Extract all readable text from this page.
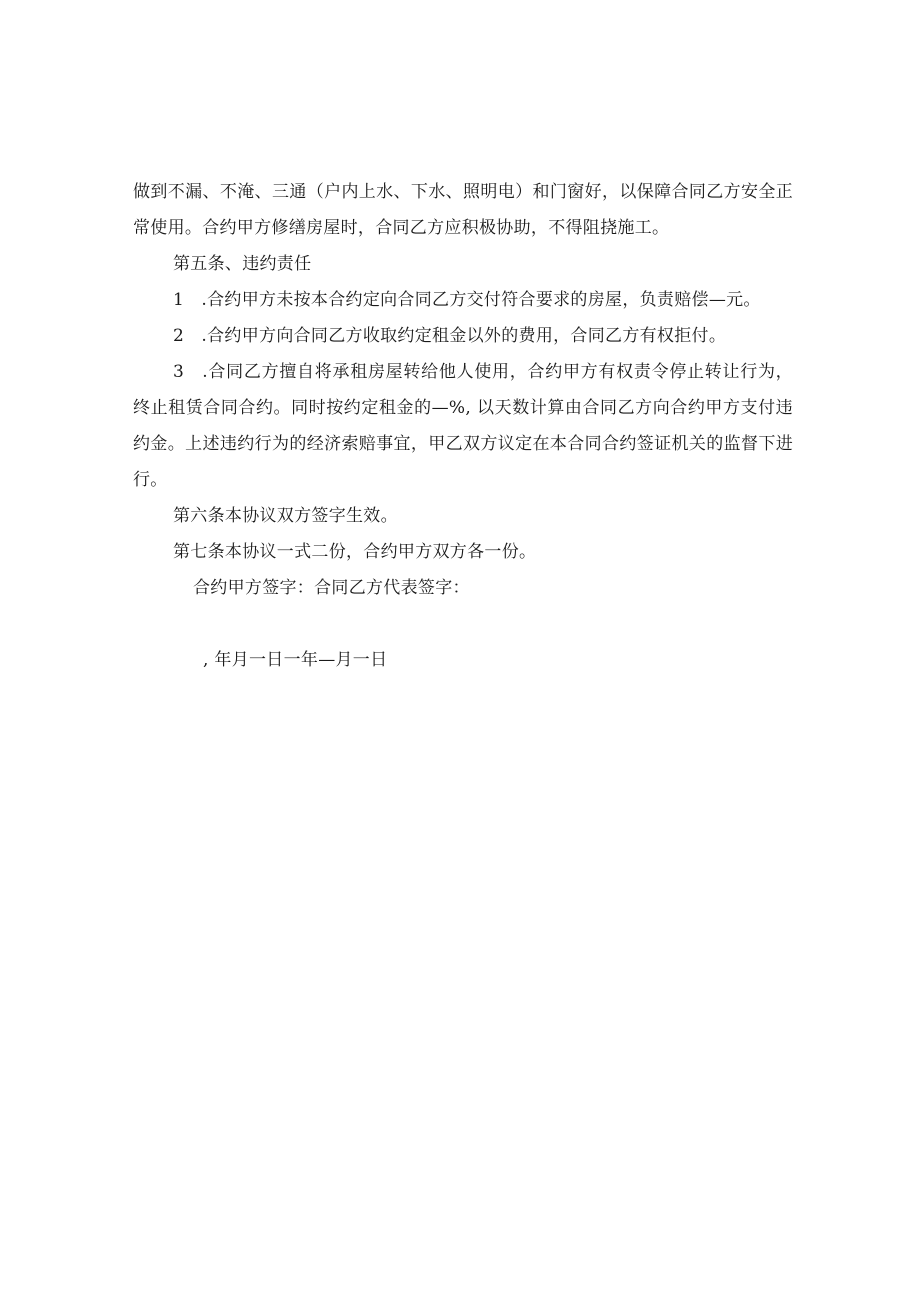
做到不漏、不淹、三通（户内上水、下水、照明电）和门窗好，以保障合同乙方安全正常使用。合约甲方修缮房屋时，合同乙方应积极协助，不得阻挠施工。

第五条、违约责任

1　.合约甲方未按本合约定向合同乙方交付符合要求的房屋，负责赔偿—元。

2　.合约甲方向合同乙方收取约定租金以外的费用，合同乙方有权拒付。

3　.合同乙方擅自将承租房屋转给他人使用，合约甲方有权责令停止转让行为，终止租赁合同合约。同时按约定租金的—%, 以天数计算由合同乙方向合约甲方支付违约金。上述违约行为的经济索赔事宜，甲乙双方议定在本合同合约签证机关的监督下进行。

第六条本协议双方签字生效。

第七条本协议一式二份，合约甲方双方各一份。

合约甲方签字：合同乙方代表签字：

, 年月一日一年—月一日
